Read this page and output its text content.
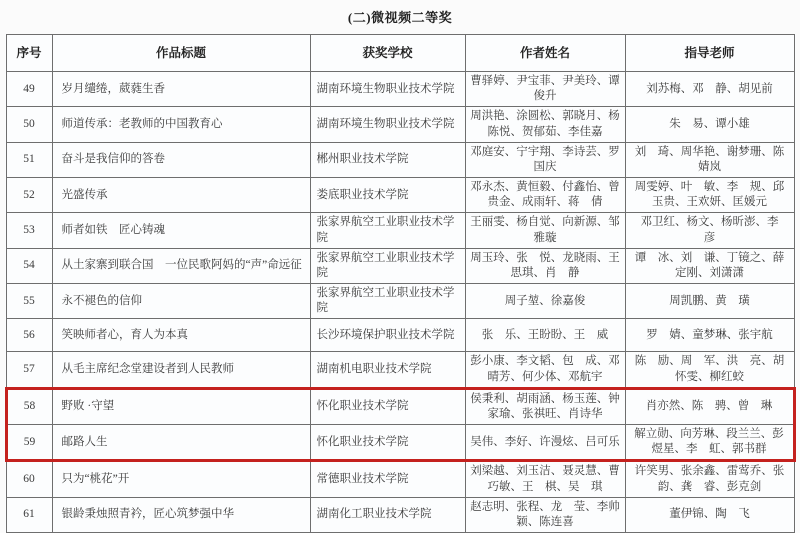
(二)微视频二等奖
序号	作品标题	获奖学校	作者姓名	指导老师
49	岁月缱绻，葳蕤生香	湖南环境生物职业技术学院	曹驿婷、尹宝菲、尹美玲、谭俊升	刘苏梅、邓　静、胡见前
50	师道传承：老教师的中国教育心	湖南环境生物职业技术学院	周洪艳、涂圆松、郭晓月、杨陈悦、贺郁茹、李佳嘉	朱　易、谭小雄
51	奋斗是我信仰的答卷	郴州职业技术学院	邓庭安、宁宇翔、李诗芸、罗国庆	刘　琦、周华艳、谢梦珊、陈婧岚
52	光盛传承	娄底职业技术学院	邓永杰、黄恒毅、付鑫怡、曾贵金、成雨轩、蒋　倩	周雯婷、叶　敏、李　规、邱玉贵、王欢妍、匡媛元
53	师者如铁　匠心铸魂	张家界航空工业职业技术学院	王丽雯、杨自觉、向新源、邹雅璇	邓卫红、杨文、杨昕澎、李　彦
54	从土家寨到联合国　一位民歌阿妈的“声”命远征	张家界航空工业职业技术学院	周玉玲、张　悦、龙晓雨、王思琪、肖　静	谭　冰、刘　谦、丁镜之、薛定刚、刘潇潇
55	永不褪色的信仰	张家界航空工业职业技术学院	周子堃、徐嘉俊	周凯鹏、黄　璜
56	笑映师者心，育人为本真	长沙环境保护职业技术学院	张　乐、王盼盼、王　威	罗　婧、童梦琳、张宇航
57	从毛主席纪念堂建设者到人民教师	湖南机电职业技术学院	彭小康、李文韬、包　成、邓晴芳、何少体、邓航宇	陈　励、周　军、洪　亮、胡怀雯、柳红蛟
58	野败 ·守望	怀化职业技术学院	侯秉利、胡雨涵、杨玉莲、钟家瑜、张祺旺、肖诗华	肖亦然、陈　骋、曾　琳
59	邮路人生	怀化职业技术学院	吴伟、李好、许漫炫、吕可乐	解立勋、向芳琳、段兰兰、彭煜星、李　虹、郭书群
60	只为“桃花”开	常德职业技术学院	刘梁越、刘玉洁、聂灵慧、曹巧敏、王　棋、吴　琪	许笑男、张余鑫、雷莺乔、张　韵、龚　睿、彭克剑
61	银龄秉烛照青衿，匠心筑梦强中华	湖南化工职业技术学院	赵志明、张程、龙　莹、李帅颖、陈连喜	董伊锦、陶　飞
